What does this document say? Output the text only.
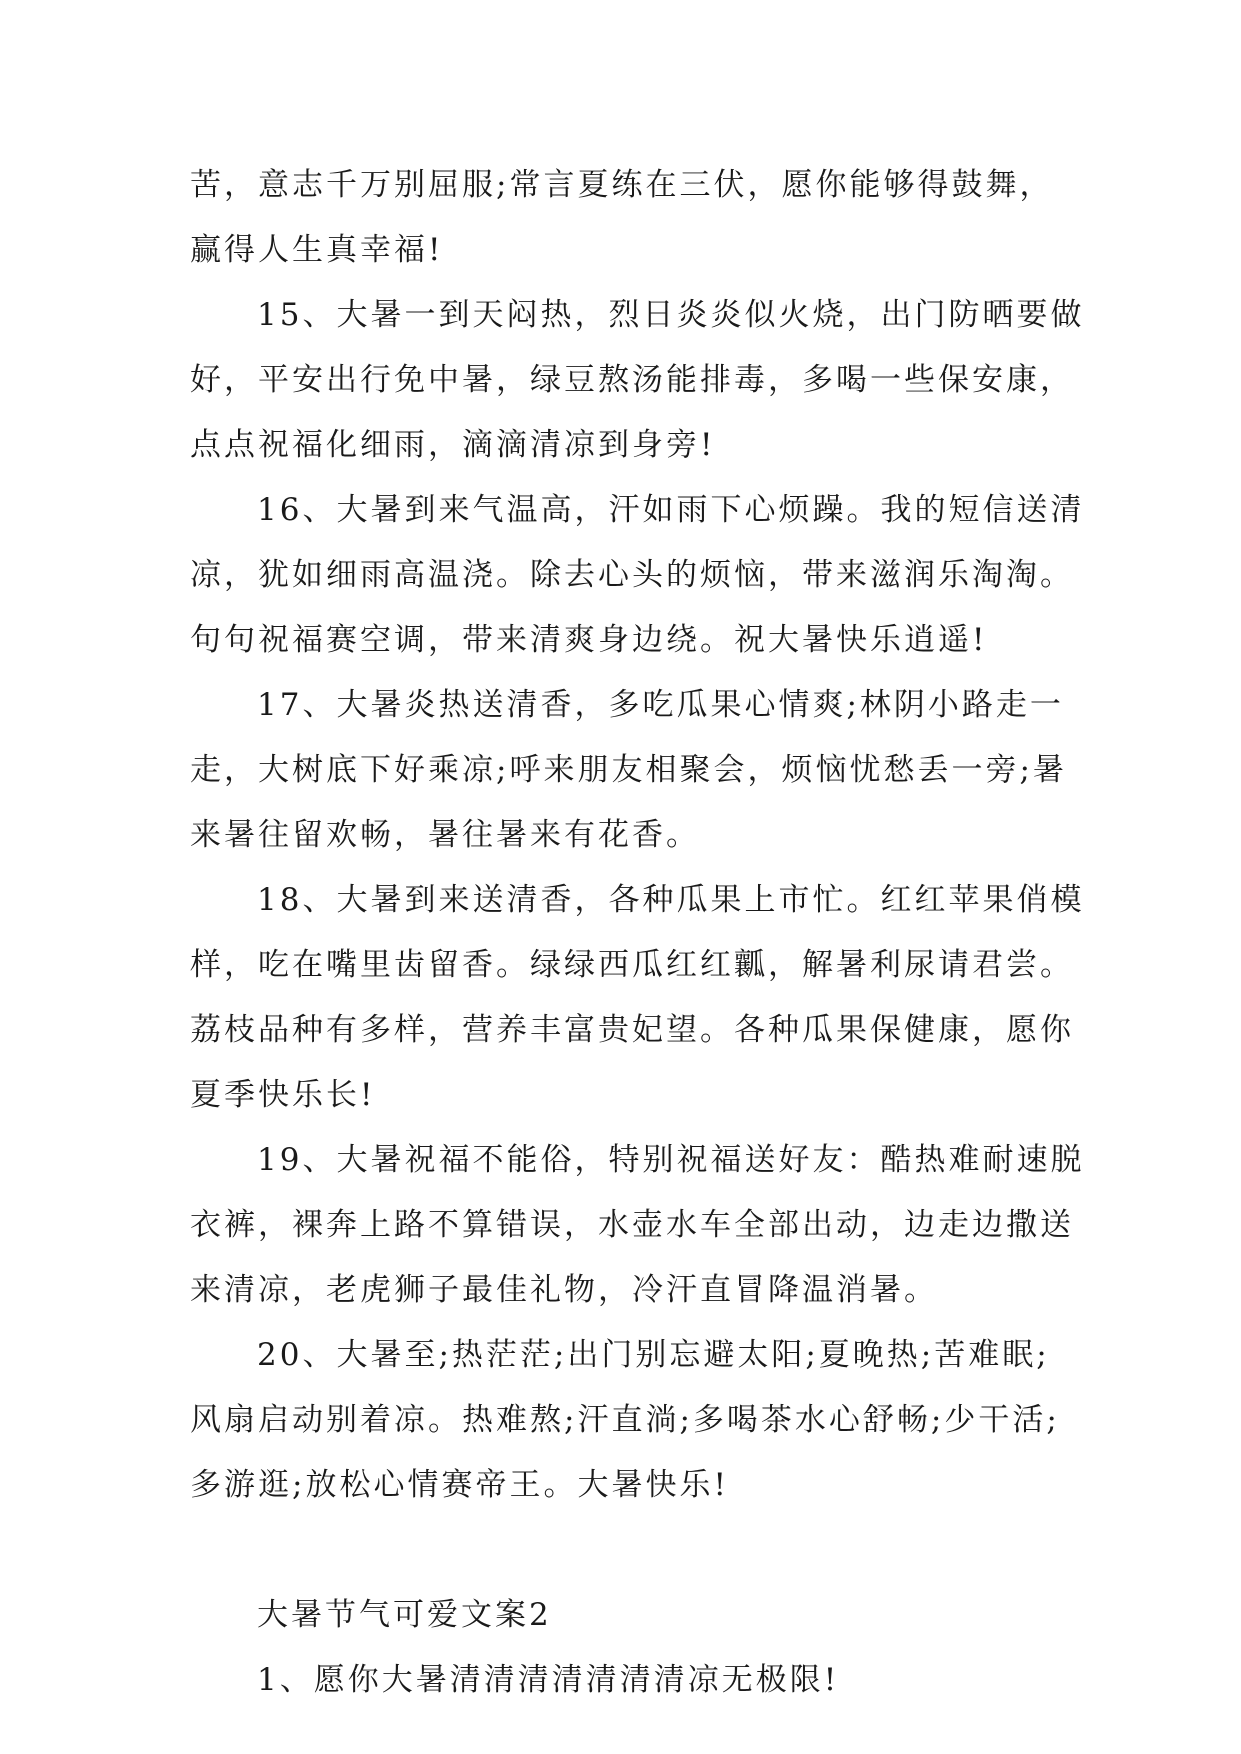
苦，意志千万别屈服;常言夏练在三伏，愿你能够得鼓舞，
赢得人生真幸福!
15、大暑一到天闷热，烈日炎炎似火烧，出门防晒要做
好，平安出行免中暑，绿豆熬汤能排毒，多喝一些保安康，
点点祝福化细雨，滴滴清凉到身旁!
16、大暑到来气温高，汗如雨下心烦躁。我的短信送清
凉，犹如细雨高温浇。除去心头的烦恼，带来滋润乐淘淘。
句句祝福赛空调，带来清爽身边绕。祝大暑快乐逍遥!
17、大暑炎热送清香，多吃瓜果心情爽;林阴小路走一
走，大树底下好乘凉;呼来朋友相聚会，烦恼忧愁丢一旁;暑
来暑往留欢畅，暑往暑来有花香。
18、大暑到来送清香，各种瓜果上市忙。红红苹果俏模
样，吃在嘴里齿留香。绿绿西瓜红红瓤，解暑利尿请君尝。
荔枝品种有多样，营养丰富贵妃望。各种瓜果保健康，愿你
夏季快乐长!
19、大暑祝福不能俗，特别祝福送好友：酷热难耐速脱
衣裤，裸奔上路不算错误，水壶水车全部出动，边走边撒送
来清凉，老虎狮子最佳礼物，冷汗直冒降温消暑。
20、大暑至;热茫茫;出门别忘避太阳;夏晚热;苦难眠;
风扇启动别着凉。热难熬;汗直淌;多喝茶水心舒畅;少干活;
多游逛;放松心情赛帝王。大暑快乐!
大暑节气可爱文案2
1、愿你大暑清清清清清清清凉无极限!
